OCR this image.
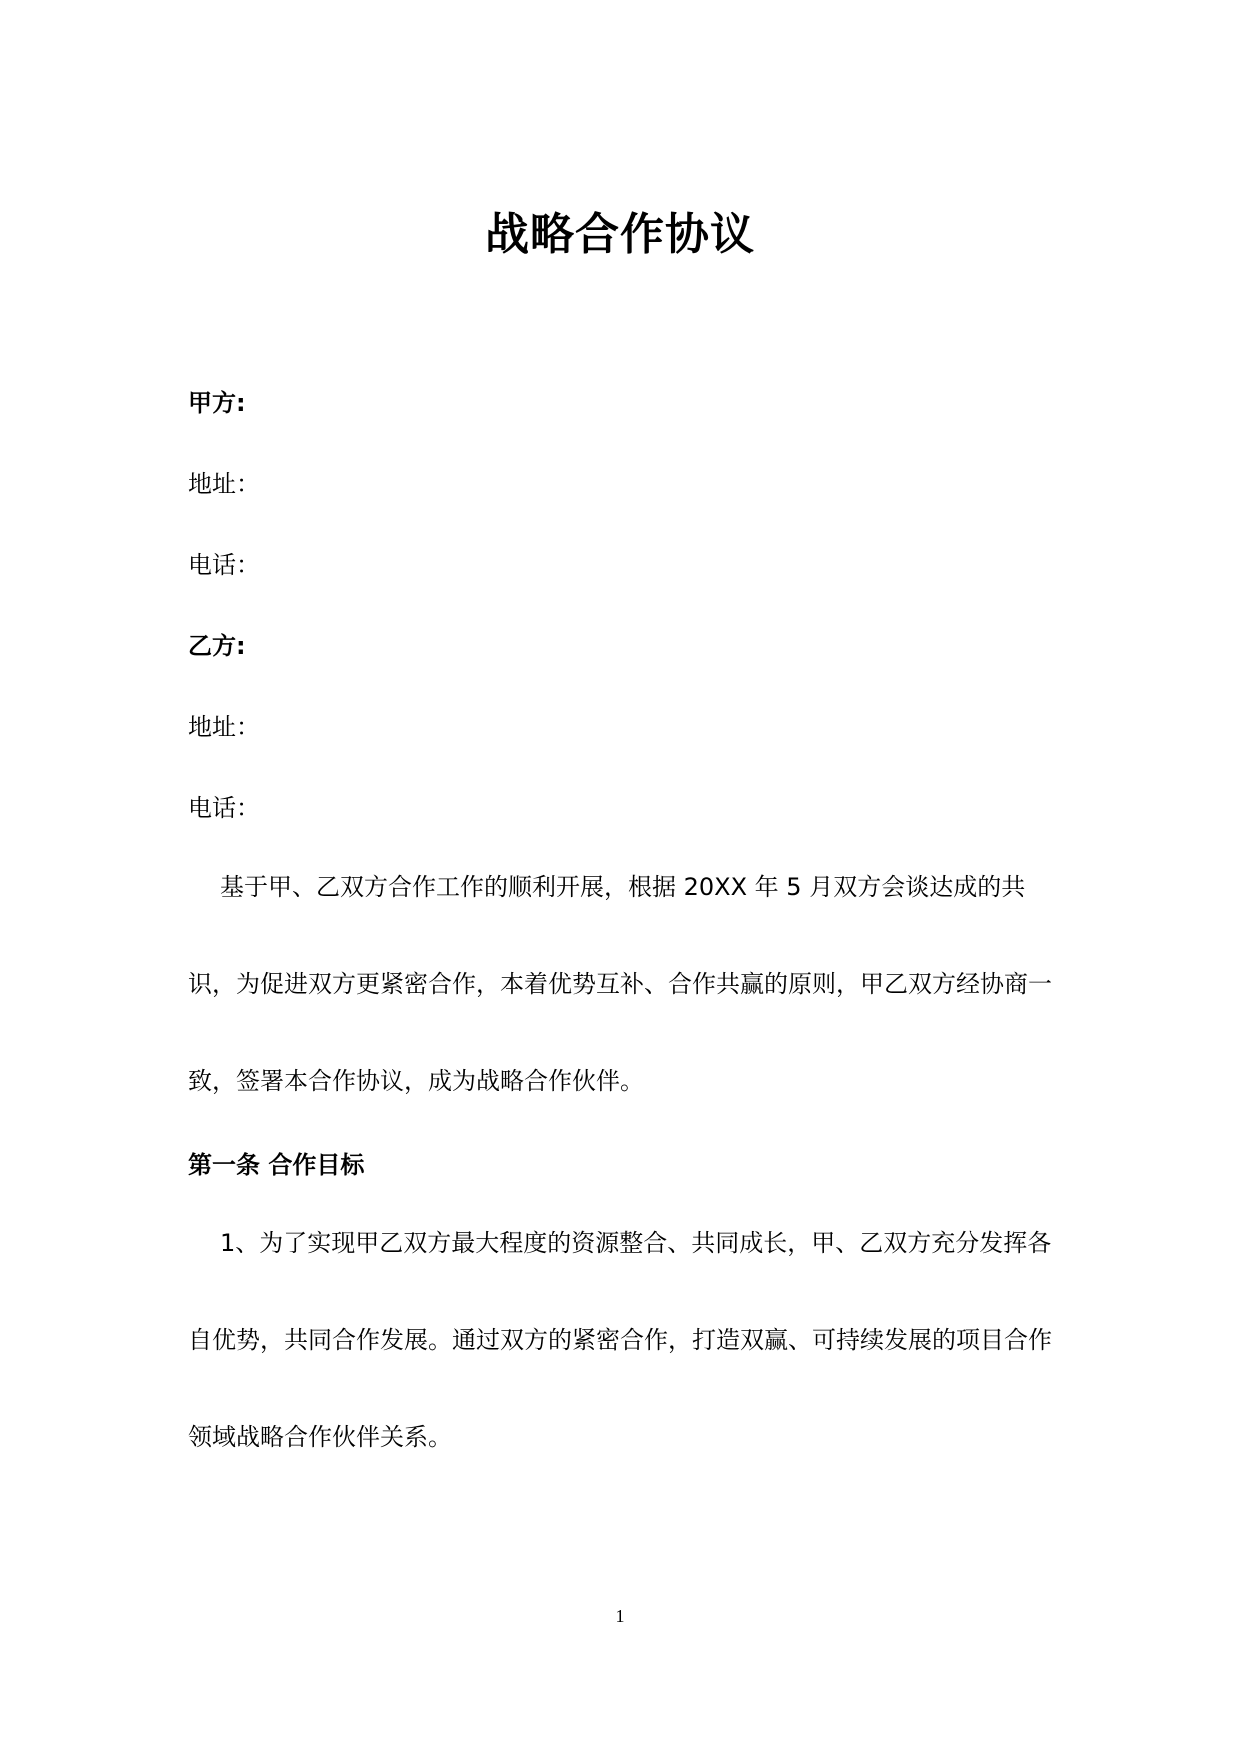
战略合作协议
甲方:
地址：
电话：
乙方:
地址：
电话：
基于甲、乙双方合作工作的顺利开展，根据 20XX 年 5 月双方会谈达成的共识，为促进双方更紧密合作，本着优势互补、合作共赢的原则，甲乙双方经协商一致，签署本合作协议，成为战略合作伙伴。
第一条 合作目标
1、为了实现甲乙双方最大程度的资源整合、共同成长，甲、乙双方充分发挥各自优势，共同合作发展。通过双方的紧密合作，打造双赢、可持续发展的项目合作领域战略合作伙伴关系。
1
